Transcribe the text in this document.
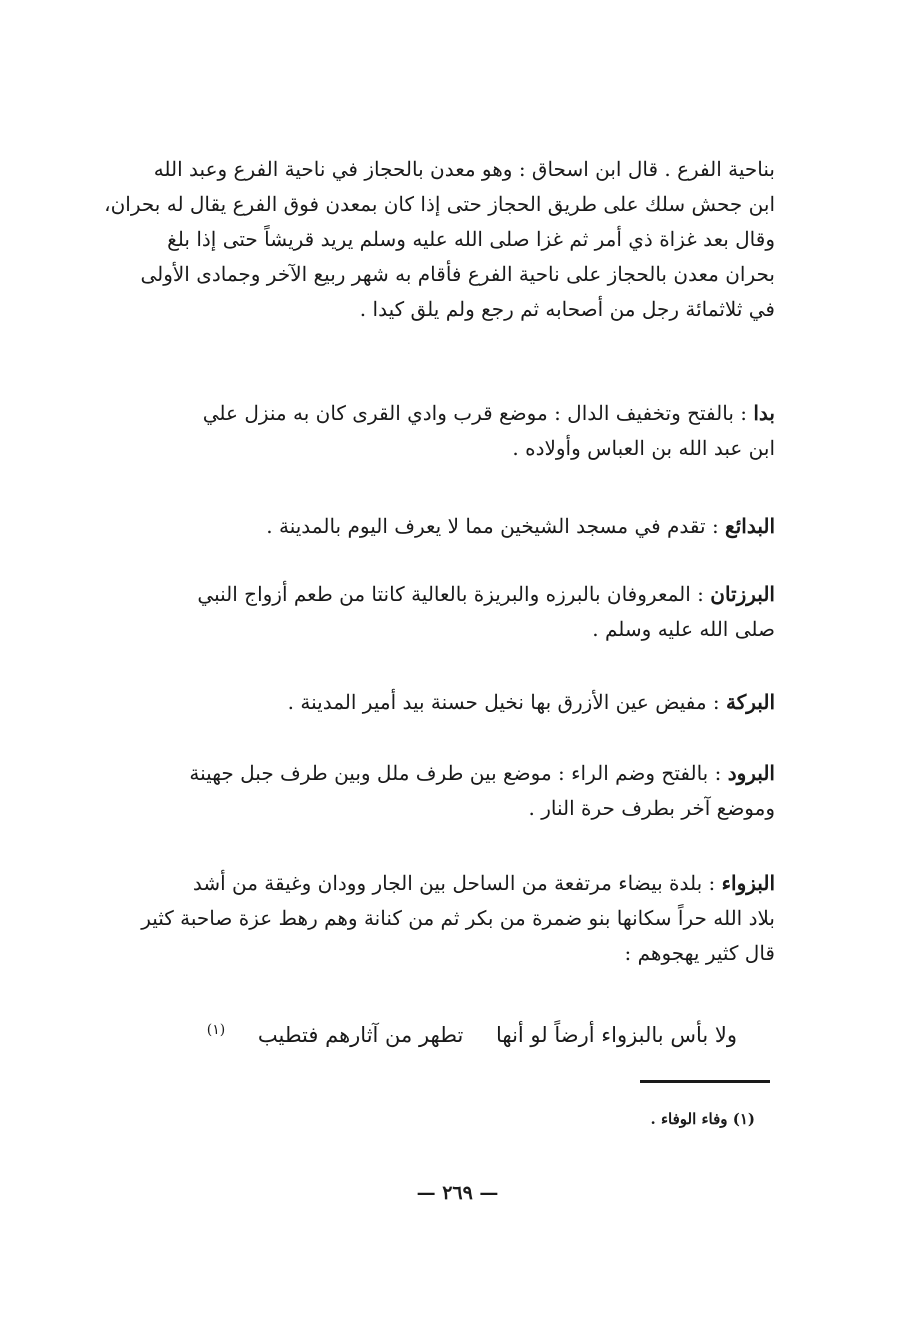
بناحية الفرع . قال ابن اسحاق : وهو معدن بالحجاز في ناحية الفرع وعبد الله
ابن جحش سلك على طريق الحجاز حتى إذا كان بمعدن فوق الفرع يقال له بحران،
وقال بعد غزاة ذي أمر ثم غزا صلى الله عليه وسلم يريد قريشاً حتى إذا بلغ
بحران معدن بالحجاز على ناحية الفرع فأقام به شهر ربيع الآخر وجمادى الأولى
في ثلاثمائة رجل من أصحابه ثم رجع ولم يلق كيدا .
بدا : بالفتح وتخفيف الدال : موضع قرب وادي القرى كان به منزل علي
ابن عبد الله بن العباس وأولاده .
البدائع : تقدم في مسجد الشيخين مما لا يعرف اليوم بالمدينة .
البرزتان : المعروفان بالبرزه والبريزة بالعالية كانتا من طعم أزواج النبي
صلى الله عليه وسلم .
البركة : مفيض عين الأزرق بها نخيل حسنة بيد أمير المدينة .
البرود : بالفتح وضم الراء : موضع بين طرف ملل وبين طرف جبل جهينة
وموضع آخر بطرف حرة النار .
البزواء : بلدة بيضاء مرتفعة من الساحل بين الجار وودان وغيقة من أشد
بلاد الله حراً سكانها بنو ضمرة من بكر ثم من كنانة وهم رهط عزة صاحبة كثير
قال كثير يهجوهم :
ولا بأس بالبزواء أرضاً لو أنها تطهر من آثارهم فتطيب $^{(١)}$
(١) وفاء الوفاء .
— ٢٦٩ —
